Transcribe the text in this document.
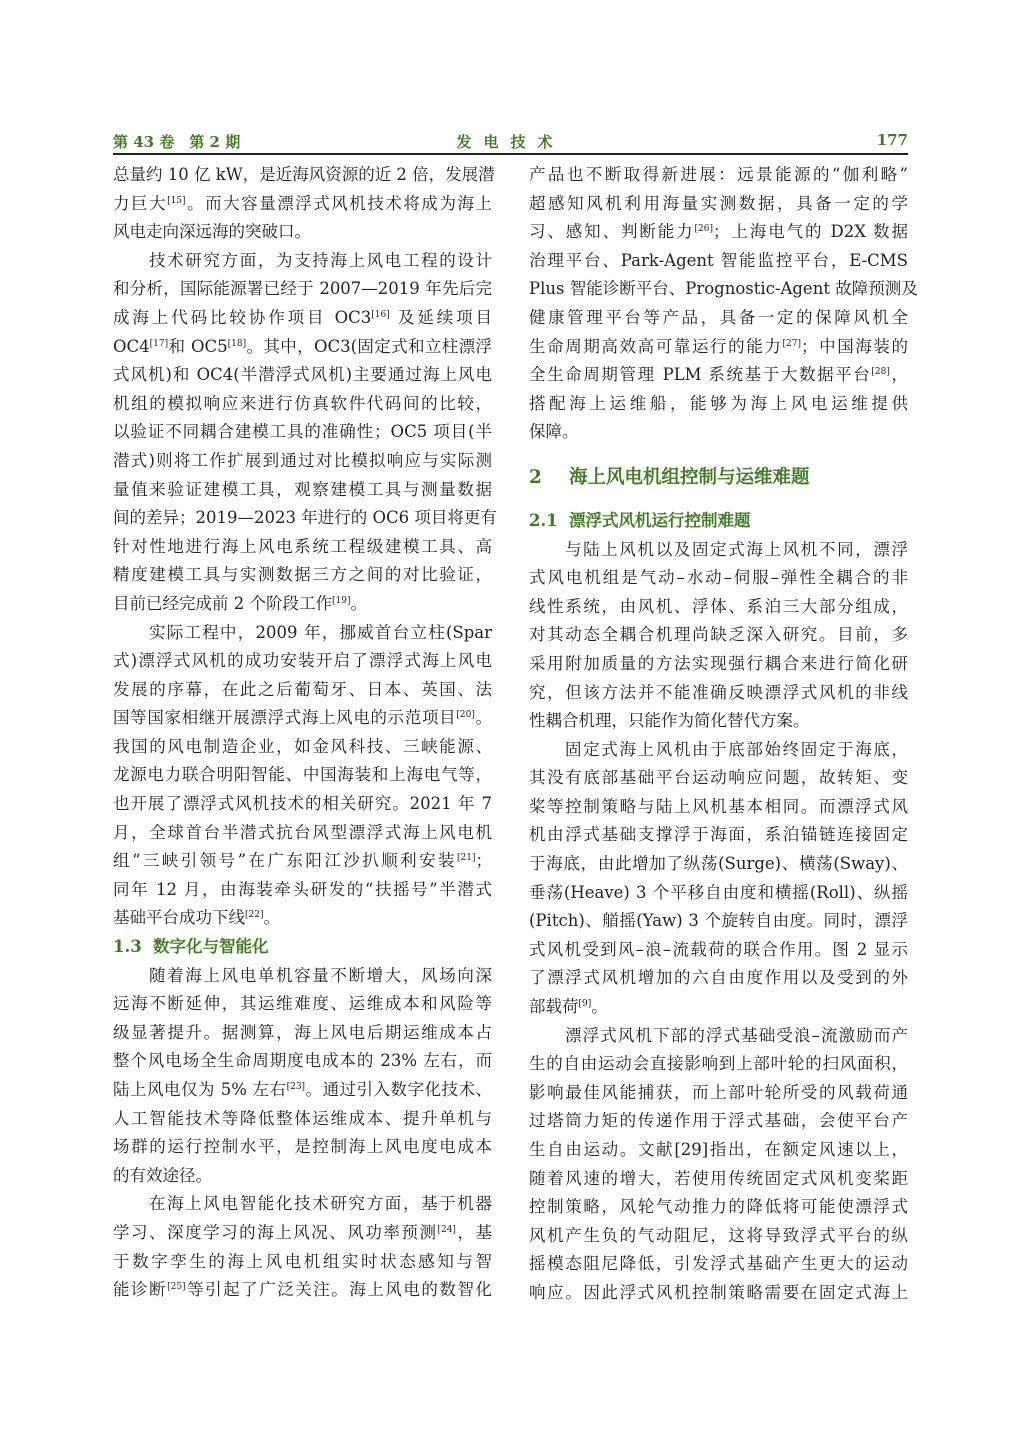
第 43 卷　第 2 期	发电技术	177
总量约 10 亿 kW，是近海风资源的近 2 倍，发展潜
力巨大[15]。而大容量漂浮式风机技术将成为海上
风电走向深远海的突破口。
技术研究方面，为支持海上风电工程的设计
和分析，国际能源署已经于 2007—2019 年先后完
成海上代码比较协作项目 OC3[16] 及延续项目
OC4[17]和 OC5[18]。其中，OC3(固定式和立柱漂浮
式风机)和 OC4(半潜浮式风机)主要通过海上风电
机组的模拟响应来进行仿真软件代码间的比较，
以验证不同耦合建模工具的准确性；OC5 项目(半
潜式)则将工作扩展到通过对比模拟响应与实际测
量值来验证建模工具，观察建模工具与测量数据
间的差异；2019—2023 年进行的 OC6 项目将更有
针对性地进行海上风电系统工程级建模工具、高
精度建模工具与实测数据三方之间的对比验证，
目前已经完成前 2 个阶段工作[19]。
实际工程中，2009 年，挪威首台立柱(Spar
式)漂浮式风机的成功安装开启了漂浮式海上风电
发展的序幕，在此之后葡萄牙、日本、英国、法
国等国家相继开展漂浮式海上风电的示范项目[20]。
我国的风电制造企业，如金风科技、三峡能源、
龙源电力联合明阳智能、中国海装和上海电气等，
也开展了漂浮式风机技术的相关研究。2021 年 7
月，全球首台半潜式抗台风型漂浮式海上风电机
组“三峡引领号”在广东阳江沙扒顺利安装[21]；
同年 12 月，由海装牵头研发的“扶摇号”半潜式
基础平台成功下线[22]。
1.3 数字化与智能化
随着海上风电单机容量不断增大，风场向深
远海不断延伸，其运维难度、运维成本和风险等
级显著提升。据测算，海上风电后期运维成本占
整个风电场全生命周期度电成本的 23% 左右，而
陆上风电仅为 5% 左右[23]。通过引入数字化技术、
人工智能技术等降低整体运维成本、提升单机与
场群的运行控制水平，是控制海上风电度电成本
的有效途径。
在海上风电智能化技术研究方面，基于机器
学习、深度学习的海上风况、风功率预测[24]，基
于数字孪生的海上风电机组实时状态感知与智
能诊断[25]等引起了广泛关注。海上风电的数智化
产品也不断取得新进展：远景能源的“伽利略”
超感知风机利用海量实测数据，具备一定的学
习、感知、判断能力[26]；上海电气的 D2X 数据
治理平台、Park-Agent 智能监控平台，E-CMS
Plus 智能诊断平台、Prognostic-Agent 故障预测及
健康管理平台等产品，具备一定的保障风机全
生命周期高效高可靠运行的能力[27]；中国海装的
全生命周期管理 PLM 系统基于大数据平台[28]，
搭配海上运维船，能够为海上风电运维提供
保障。
2 海上风电机组控制与运维难题
2.1 漂浮式风机运行控制难题
与陆上风机以及固定式海上风机不同，漂浮
式风电机组是气动–水动–伺服–弹性全耦合的非
线性系统，由风机、浮体、系泊三大部分组成，
对其动态全耦合机理尚缺乏深入研究。目前，多
采用附加质量的方法实现强行耦合来进行简化研
究，但该方法并不能准确反映漂浮式风机的非线
性耦合机理，只能作为简化替代方案。
固定式海上风机由于底部始终固定于海底，
其没有底部基础平台运动响应问题，故转矩、变
桨等控制策略与陆上风机基本相同。而漂浮式风
机由浮式基础支撑浮于海面，系泊锚链连接固定
于海底，由此增加了纵荡(Surge)、横荡(Sway)、
垂荡(Heave) 3 个平移自由度和横摇(Roll)、纵摇
(Pitch)、艏摇(Yaw) 3 个旋转自由度。同时，漂浮
式风机受到风–浪–流载荷的联合作用。图 2 显示
了漂浮式风机增加的六自由度作用以及受到的外
部载荷[9]。
漂浮式风机下部的浮式基础受浪–流激励而产
生的自由运动会直接影响到上部叶轮的扫风面积，
影响最佳风能捕获，而上部叶轮所受的风载荷通
过塔筒力矩的传递作用于浮式基础，会使平台产
生自由运动。文献[29]指出，在额定风速以上，
随着风速的增大，若使用传统固定式风机变桨距
控制策略，风轮气动推力的降低将可能使漂浮式
风机产生负的气动阻尼，这将导致浮式平台的纵
摇模态阻尼降低，引发浮式基础产生更大的运动
响应。因此浮式风机控制策略需要在固定式海上
